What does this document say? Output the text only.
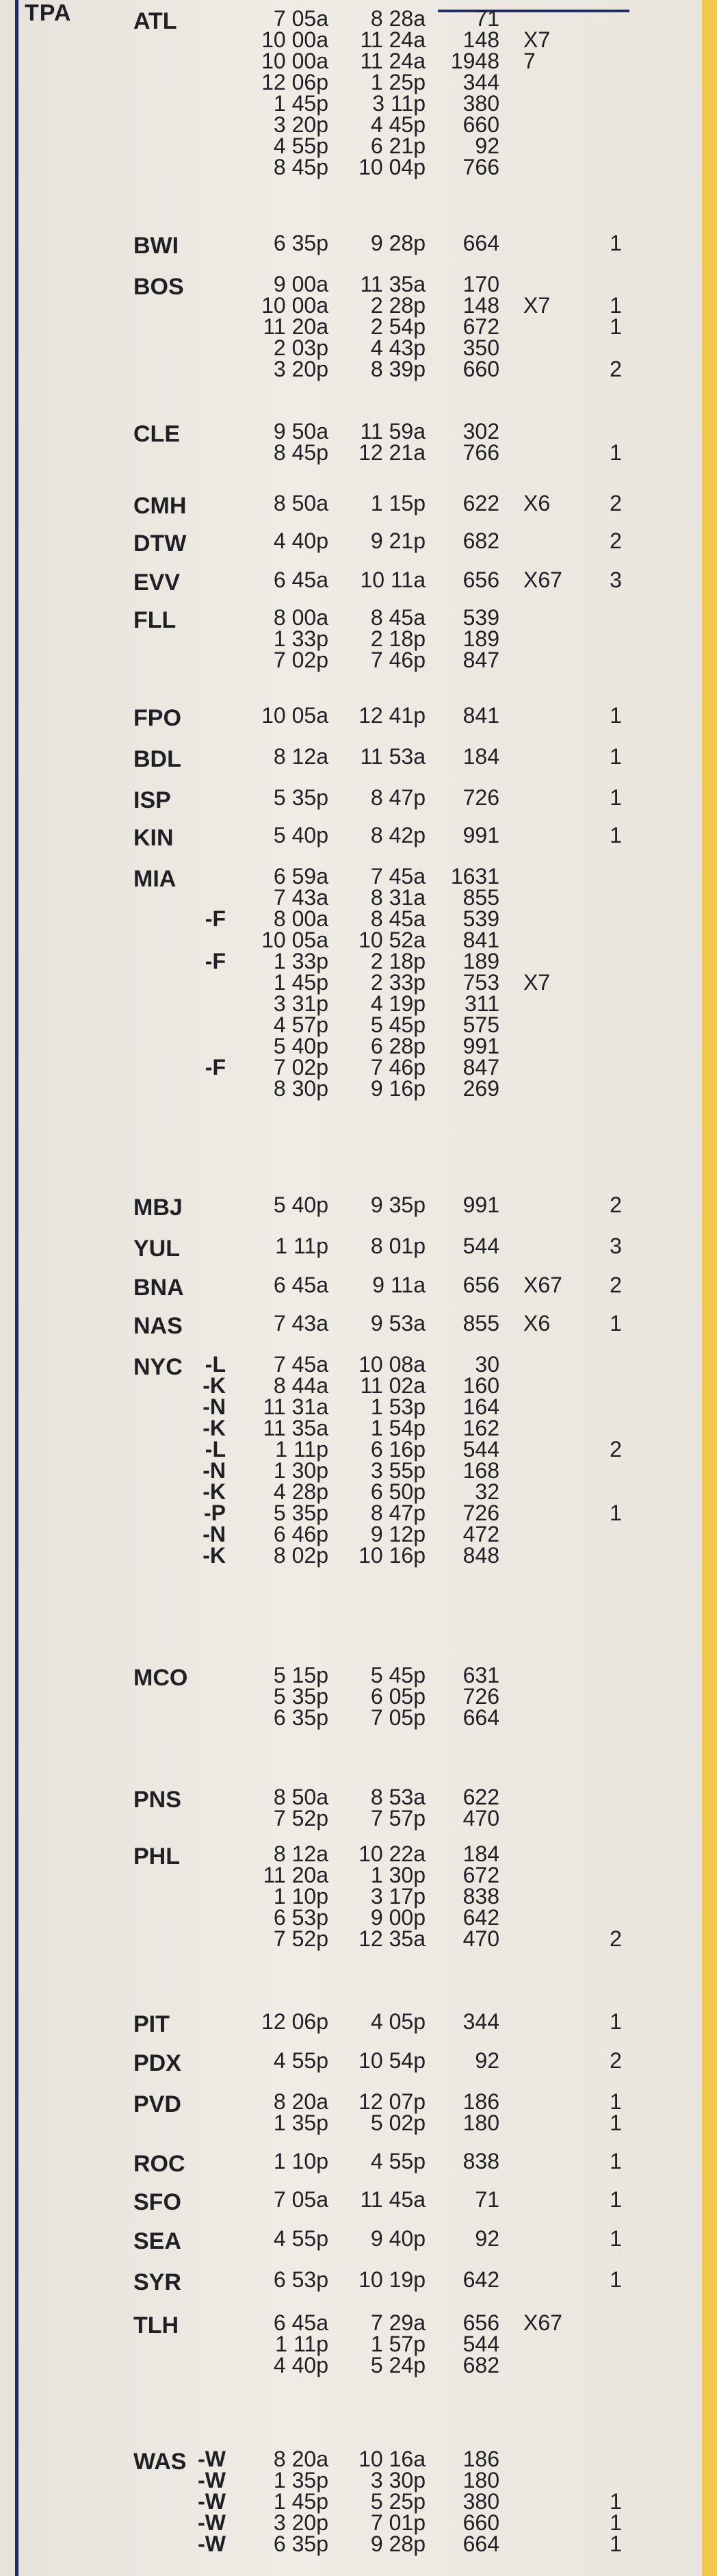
TPA	ATL	7 05a	8 28a	71
10 00a	11 24a	148 X7
10 00a	11 24a	1948 7
12 06p	1 25p	344
1 45p	3 11p	380
3 20p	4 45p	660
4 55p	6 21p	92
8 45p	10 04p	766
BWI	6 35p	9 28p	664	1
BOS	9 00a	11 35a	170
10 00a	2 28p	148 X7	1
11 20a	2 54p	672	1
2 03p	4 43p	350
3 20p	8 39p	660	2
CLE	9 50a	11 59a	302
8 45p	12 21a	766	1
CMH	8 50a	1 15p	622 X6	2
DTW	4 40p	9 21p	682	2
EVV	6 45a	10 11a	656 X67	3
FLL	8 00a	8 45a	539
1 33p	2 18p	189
7 02p	7 46p	847
FPO	10 05a	12 41p	841	1
BDL	8 12a	11 53a	184	1
ISP	5 35p	8 47p	726	1
KIN	5 40p	8 42p	991	1
MIA	6 59a	7 45a	1631
7 43a	8 31a	855
-F	8 00a	8 45a	539
10 05a	10 52a	841
-F	1 33p	2 18p	189
1 45p	2 33p	753 X7
3 31p	4 19p	311
4 57p	5 45p	575
5 40p	6 28p	991
-F	7 02p	7 46p	847
8 30p	9 16p	269
MBJ	5 40p	9 35p	991	2
YUL	1 11p	8 01p	544	3
BNA	6 45a	9 11a	656 X67	2
NAS	7 43a	9 53a	855 X6	1
NYC -L	7 45a	10 08a	30
-K	8 44a	11 02a	160
-N	11 31a	1 53p	164
-K	11 35a	1 54p	162
-L	1 11p	6 16p	544	2
-N	1 30p	3 55p	168
-K	4 28p	6 50p	32
-P	5 35p	8 47p	726	1
-N	6 46p	9 12p	472
-K	8 02p	10 16p	848
MCO	5 15p	5 45p	631
5 35p	6 05p	726
6 35p	7 05p	664
PNS	8 50a	8 53a	622
7 52p	7 57p	470
PHL	8 12a	10 22a	184
11 20a	1 30p	672
1 10p	3 17p	838
6 53p	9 00p	642
7 52p	12 35a	470	2
PIT	12 06p	4 05p	344	1
PDX	4 55p	10 54p	92	2
PVD	8 20a	12 07p	186	1
1 35p	5 02p	180	1
ROC	1 10p	4 55p	838	1
SFO	7 05a	11 45a	71	1
SEA	4 55p	9 40p	92	1
SYR	6 53p	10 19p	642	1
TLH	6 45a	7 29a	656 X67
1 11p	1 57p	544
4 40p	5 24p	682
WAS -W	8 20a	10 16a	186
-W	1 35p	3 30p	180
-W	1 45p	5 25p	380	1
-W	3 20p	7 01p	660	1
-W	6 35p	9 28p	664	1
